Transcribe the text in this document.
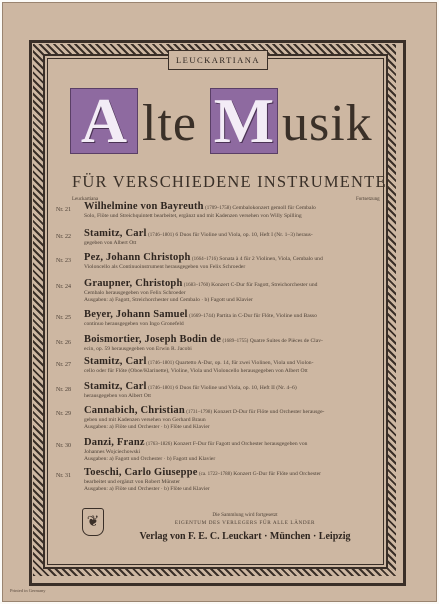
LEUCKARTIANA
A lte M usik
FÜR VERSCHIEDENE INSTRUMENTE
Leuckartiana	Fortsetzung
Nr. 21	Wilhelmine von Bayreuth (1709–1758) Cembalokonzert gemoll für Cembalo
Solo, Flöte und Streichquintett bearbeitet, ergänzt und mit Kadenzen versehen von Willy Spilling
Nr. 22	Stamitz, Carl (1746–1801) 6 Duos für Violine und Viola, op. 10, Heft I (Nr. 1–3) heraus-
gegeben von Albert Ott
Nr. 23	Pez, Johann Christoph (1664–1716) Sonata à 4 für 2 Violinen, Viola, Cembalo und
Violoncello als Continuoinstrument herausgegeben von Felix Schroeder
Nr. 24	Graupner, Christoph (1683–1760) Konzert C-Dur für Fagott, Streichorchester und
Cembalo herausgegeben von Felix Schroeder
Ausgaben: a) Fagott, Streichorchester und Cembalo · b) Fagott und Klavier
Nr. 25	Beyer, Johann Samuel (1669–1744) Partita in C-Dur für Flöte, Violine und Basso
continuo herausgegeben von Ingo Gronefeld
Nr. 26	Boismortier, Joseph Bodin de (1689–1755) Quatre Suites de Pièces de Clav-
ecin, op. 59 herausgegeben von Erwin R. Jacobi
Nr. 27	Stamitz, Carl (1746–1801) Quartetto A-Dur, op. 14, für zwei Violinen, Viola und Violon-
cello oder für Flöte (Oboe/Klarinette), Violine, Viola und Violoncello herausgegeben von Albert Ott
Nr. 28	Stamitz, Carl (1746–1801) 6 Duos für Violine und Viola, op. 10, Heft II (Nr. 4–6)
herausgegeben von Albert Ott
Nr. 29	Cannabich, Christian (1731–1798) Konzert D-Dur für Flöte und Orchester herausge-
geben und mit Kadenzen versehen von Gerhard Braun
Ausgaben: a) Flöte und Orchester · b) Flöte und Klavier
Nr. 30	Danzi, Franz (1763–1826) Konzert F-Dur für Fagott und Orchester herausgegeben von
Johannes Wojciechowski
Ausgaben: a) Fagott und Orchester · b) Fagott und Klavier
Nr. 31	Toeschi, Carlo Giuseppe (ca. 1722–1788) Konzert G-Dur für Flöte und Orchester
bearbeitet und ergänzt von Robert Münster
Ausgaben: a) Flöte und Orchester · b) Flöte und Klavier
❦	Die Sammlung wird fortgesetzt
EIGENTUM DES VERLEGERS FÜR ALLE LÄNDER
Verlag von F. E. C. Leuckart · München · Leipzig
Printed in Germany
